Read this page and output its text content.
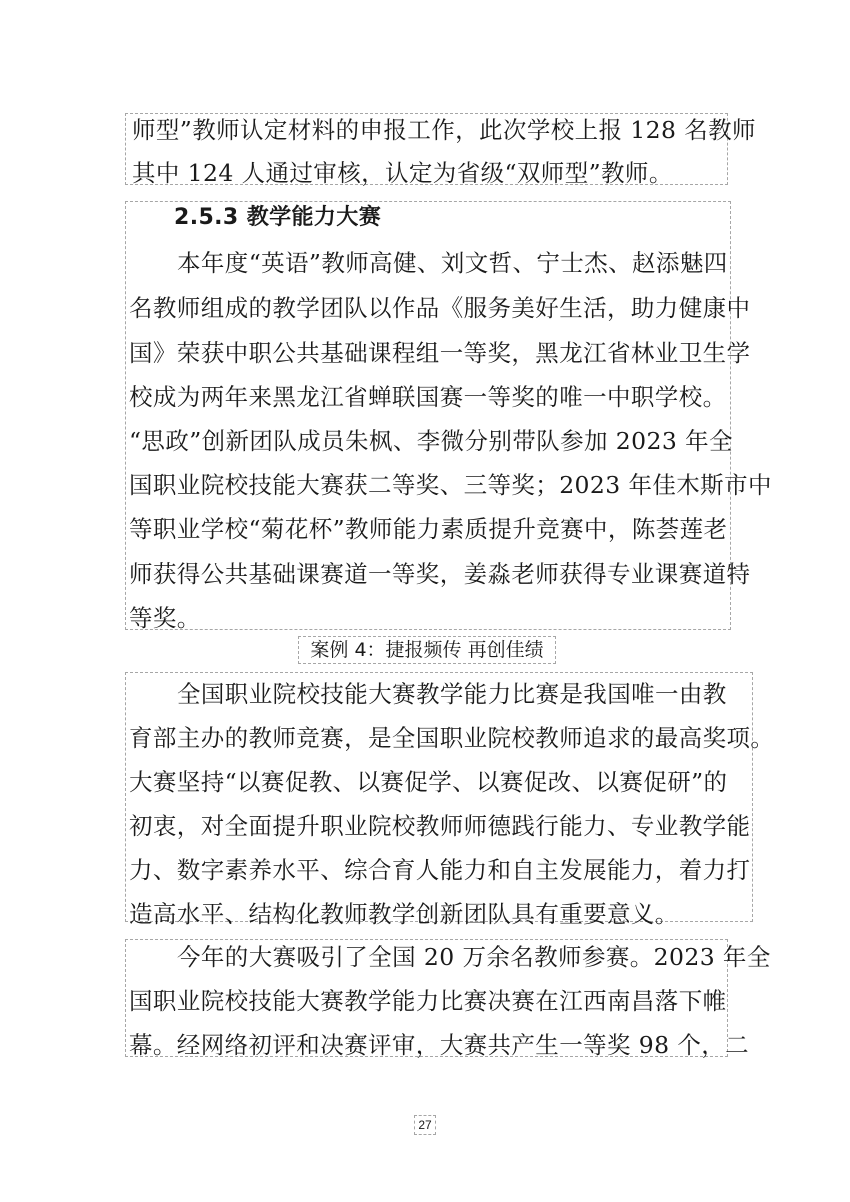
师型”教师认定材料的申报工作，此次学校上报 128 名教师
其中 124 人通过审核，认定为省级“双师型”教师。
2.5.3 教学能力大赛
本年度“英语”教师高健、刘文哲、宁士杰、赵添魅四
名教师组成的教学团队以作品《服务美好生活，助力健康中
国》荣获中职公共基础课程组一等奖，黑龙江省林业卫生学
校成为两年来黑龙江省蝉联国赛一等奖的唯一中职学校。
“思政”创新团队成员朱枫、李微分别带队参加 2023 年全
国职业院校技能大赛获二等奖、三等奖；2023 年佳木斯市中
等职业学校“菊花杯”教师能力素质提升竞赛中，陈荟莲老
师获得公共基础课赛道一等奖，姜淼老师获得专业课赛道特
等奖。
案例 4：捷报频传 再创佳绩
全国职业院校技能大赛教学能力比赛是我国唯一由教
育部主办的教师竞赛，是全国职业院校教师追求的最高奖项。
大赛坚持“以赛促教、以赛促学、以赛促改、以赛促研”的
初衷，对全面提升职业院校教师师德践行能力、专业教学能
力、数字素养水平、综合育人能力和自主发展能力，着力打
造高水平、结构化教师教学创新团队具有重要意义。
今年的大赛吸引了全国 20 万余名教师参赛。2023 年全
国职业院校技能大赛教学能力比赛决赛在江西南昌落下帷
幕。经网络初评和决赛评审，大赛共产生一等奖 98 个，二
27
